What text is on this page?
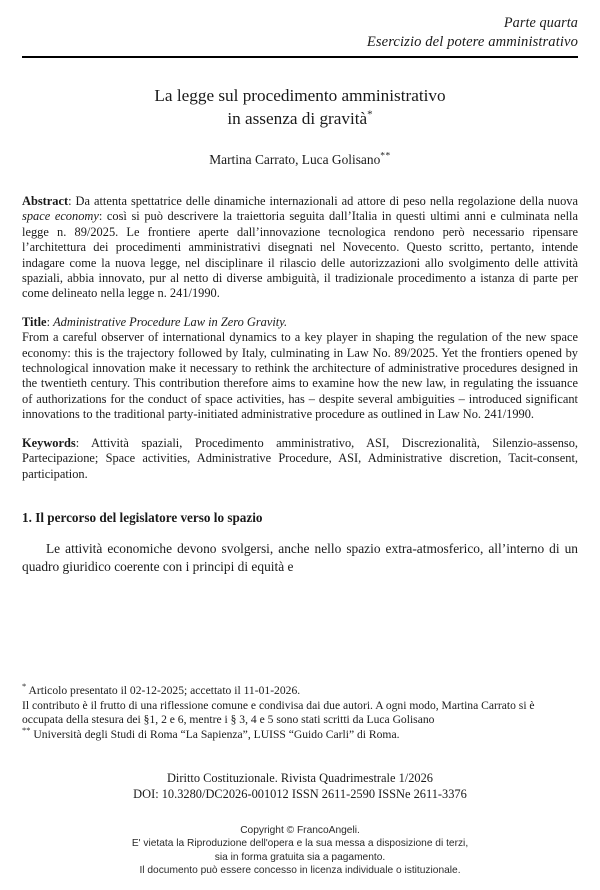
Parte quarta
Esercizio del potere amministrativo
La legge sul procedimento amministrativo
in assenza di gravità*
Martina Carrato, Luca Golisano**

Abstract: Da attenta spettatrice delle dinamiche internazionali ad attore di peso nella regolazione della nuova space economy: così si può descrivere la traiettoria seguita dall’Italia in questi ultimi anni e culminata nella legge n. 89/2025. Le frontiere aperte dall’innovazione tecnologica rendono però necessario ripensare l’architettura dei procedimenti amministrativi disegnati nel Novecento. Questo scritto, pertanto, intende indagare come la nuova legge, nel disciplinare il rilascio delle autorizzazioni allo svolgimento delle attività spaziali, abbia innovato, pur al netto di diverse ambiguità, il tradizionale procedimento a istanza di parte per come delineato nella legge n. 241/1990.

Title: Administrative Procedure Law in Zero Gravity.

From a careful observer of international dynamics to a key player in shaping the regulation of the new space economy: this is the trajectory followed by Italy, culminating in Law No. 89/2025. Yet the frontiers opened by technological innovation make it necessary to rethink the architecture of administrative procedures designed in the twentieth century. This contribution therefore aims to examine how the new law, in regulating the issuance of authorizations for the conduct of space activities, has – despite several ambiguities – introduced significant innovations to the traditional party-initiated administrative procedure as outlined in Law No. 241/1990.

Keywords: Attività spaziali, Procedimento amministrativo, ASI, Discrezionalità, Silenzio-assenso, Partecipazione; Space activities, Administrative Procedure, ASI, Administrative discretion, Tacit-consent, participation.

1. Il percorso del legislatore verso lo spazio

Le attività economiche devono svolgersi, anche nello spazio extra-atmosferico, all’interno di un quadro giuridico coerente con i principi di equità e

* Articolo presentato il 02-12-2025; accettato il 11-01-2026.

Il contributo è il frutto di una riflessione comune e condivisa dai due autori. A ogni modo, Martina Carrato si è occupata della stesura dei §1, 2 e 6, mentre i § 3, 4 e 5 sono stati scritti da Luca Golisano

** Università degli Studi di Roma “La Sapienza”, LUISS “Guido Carli” di Roma.

Diritto Costituzionale. Rivista Quadrimestrale 1/2026
DOI: 10.3280/DC2026-001012 ISSN 2611-2590 ISSNe 2611-3376
Copyright © FrancoAngeli.
E' vietata la Riproduzione dell'opera e la sua messa a disposizione di terzi,
sia in forma gratuita sia a pagamento.
Il documento può essere concesso in licenza individuale o istituzionale.
